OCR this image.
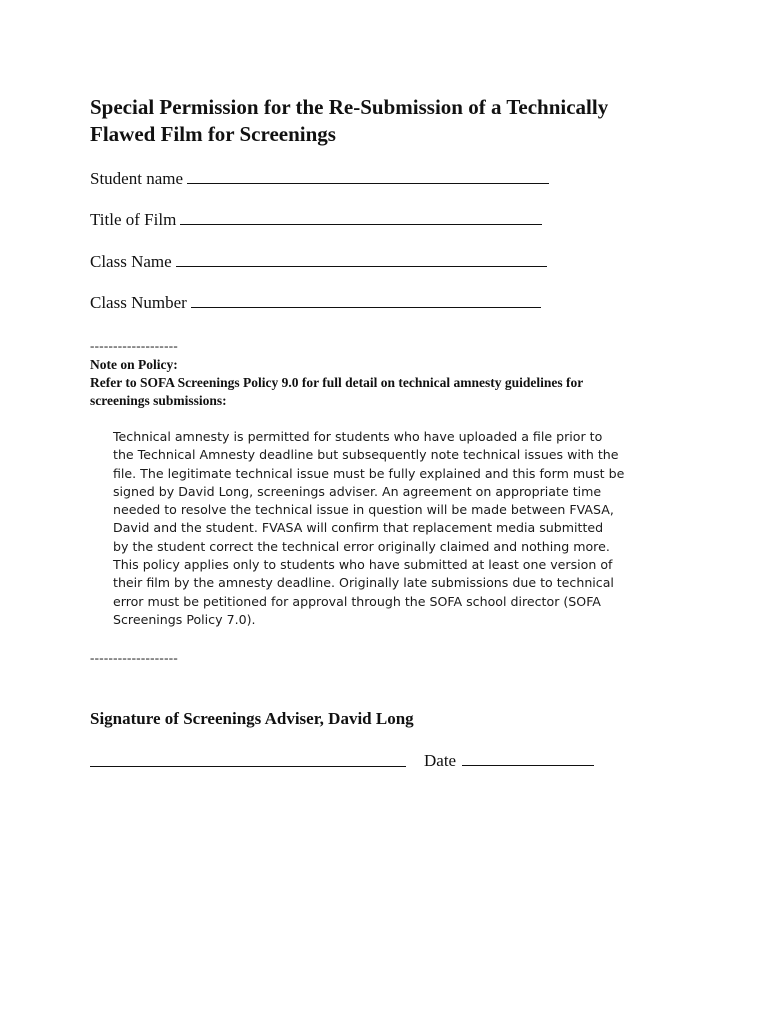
Special Permission for the Re-Submission of a Technically
Flawed Film for Screenings
Student name
Title of Film
Class Name
Class Number
-------------------
Note on Policy:
Refer to SOFA Screenings Policy 9.0 for full detail on technical amnesty guidelines for
screenings submissions:
Technical amnesty is permitted for students who have uploaded a file prior to
the Technical Amnesty deadline but subsequently note technical issues with the
file. The legitimate technical issue must be fully explained and this form must be
signed by David Long, screenings adviser. An agreement on appropriate time
needed to resolve the technical issue in question will be made between FVASA,
David and the student. FVASA will confirm that replacement media submitted
by the student correct the technical error originally claimed and nothing more.
This policy applies only to students who have submitted at least one version of
their film by the amnesty deadline. Originally late submissions due to technical
error must be petitioned for approval through the SOFA school director (SOFA
Screenings Policy 7.0).
-------------------
Signature of Screenings Adviser, David Long
Date
